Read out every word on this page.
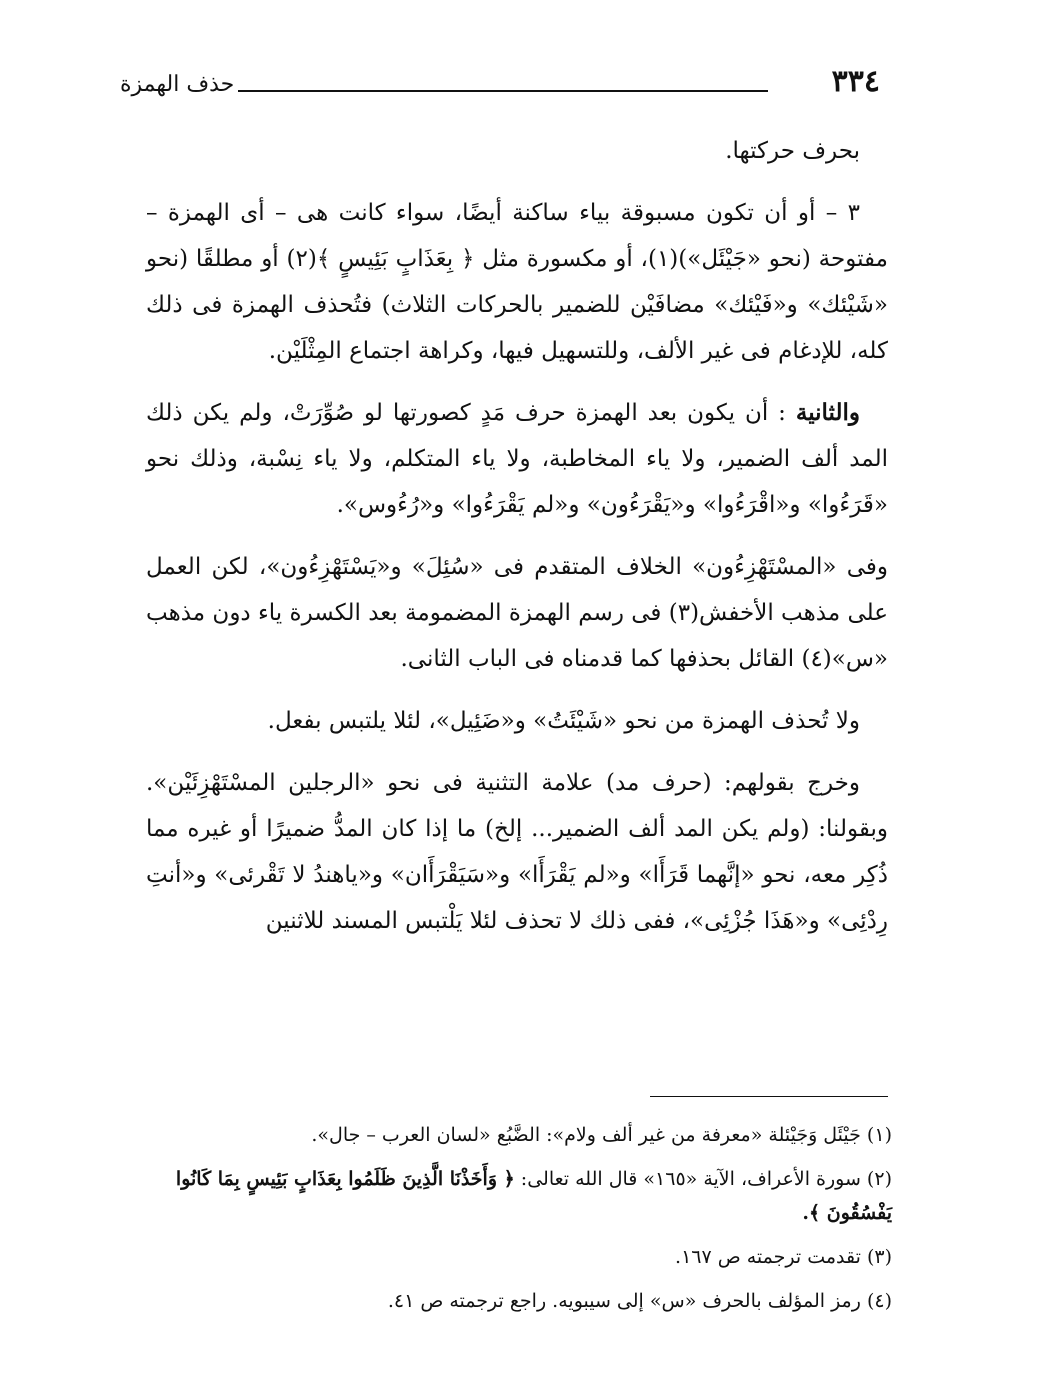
٣٣٤
حذف الهمزة

بحرف حركتها.

٣ – أو أن تكون مسبوقة بياء ساكنة أيضًا، سواء كانت هى – أى الهمزة – مفتوحة (نحو «جَيْئَل»)(١)، أو مكسورة مثل ﴿ بِعَذَابٍ بَئِيسٍ ﴾(٢) أو مطلقًا (نحو «شَيْئك» و«فَيْئك» مضافَيْن للضمير بالحركات الثلاث) فتُحذف الهمزة فى ذلك كله، للإدغام فى غير الألف، وللتسهيل فيها، وكراهة اجتماع المِثْلَيْن.

والثانية : أن يكون بعد الهمزة حرف مَدٍ كصورتها لو صُوِّرَتْ، ولم يكن ذلك المد ألف الضمير، ولا ياء المخاطبة، ولا ياء المتكلم، ولا ياء نِسْبة، وذلك نحو «قَرَءُوا» و«اقْرَءُوا» و«يَقْرَءُون» و«لم يَقْرَءُوا» و«رُءُوس».

وفى «المسْتَهْزِءُون» الخلاف المتقدم فى «سُئِلَ» و«يَسْتَهْزِءُون»، لكن العمل على مذهب الأخفش(٣) فى رسم الهمزة المضمومة بعد الكسرة ياء دون مذهب «س»(٤) القائل بحذفها كما قدمناه فى الباب الثانى.

ولا تُحذف الهمزة من نحو «شَيْئَتُ» و«ضَئِيل»، لئلا يلتبس بفعل.

وخرج بقولهم: (حرف مد) علامة التثنية فى نحو «الرجلين المسْتَهْزِئَيْن». وبقولنا: (ولم يكن المد ألف الضمير... إلخ) ما إذا كان المدُّ ضميرًا أو غيره مما ذُكِر معه، نحو «إنَّهما قَرَأَا» و«لم يَقْرَأَا» و«سَيَقْرَأَان» و«ياهندُ لا تَقْرئى» و«أنتِ رِدْئِى» و«هَذَا جُزْئِى»، ففى ذلك لا تحذف لئلا يَلْتبس المسند للاثنين

(١) جَيْئَل وَجَيْئلة «معرفة من غير ألف ولام»: الضَّبُع «لسان العرب – جال».

(٢) سورة الأعراف، الآية «١٦٥» قال الله تعالى: ﴿ وَأَخَذْنَا الَّذِينَ ظَلَمُوا بِعَذَابٍ بَئِيسٍ بِمَا كَانُوا يَفْسُقُونَ ﴾.

(٣) تقدمت ترجمته ص ١٦٧.

(٤) رمز المؤلف بالحرف «س» إلى سيبويه. راجع ترجمته ص ٤١.
